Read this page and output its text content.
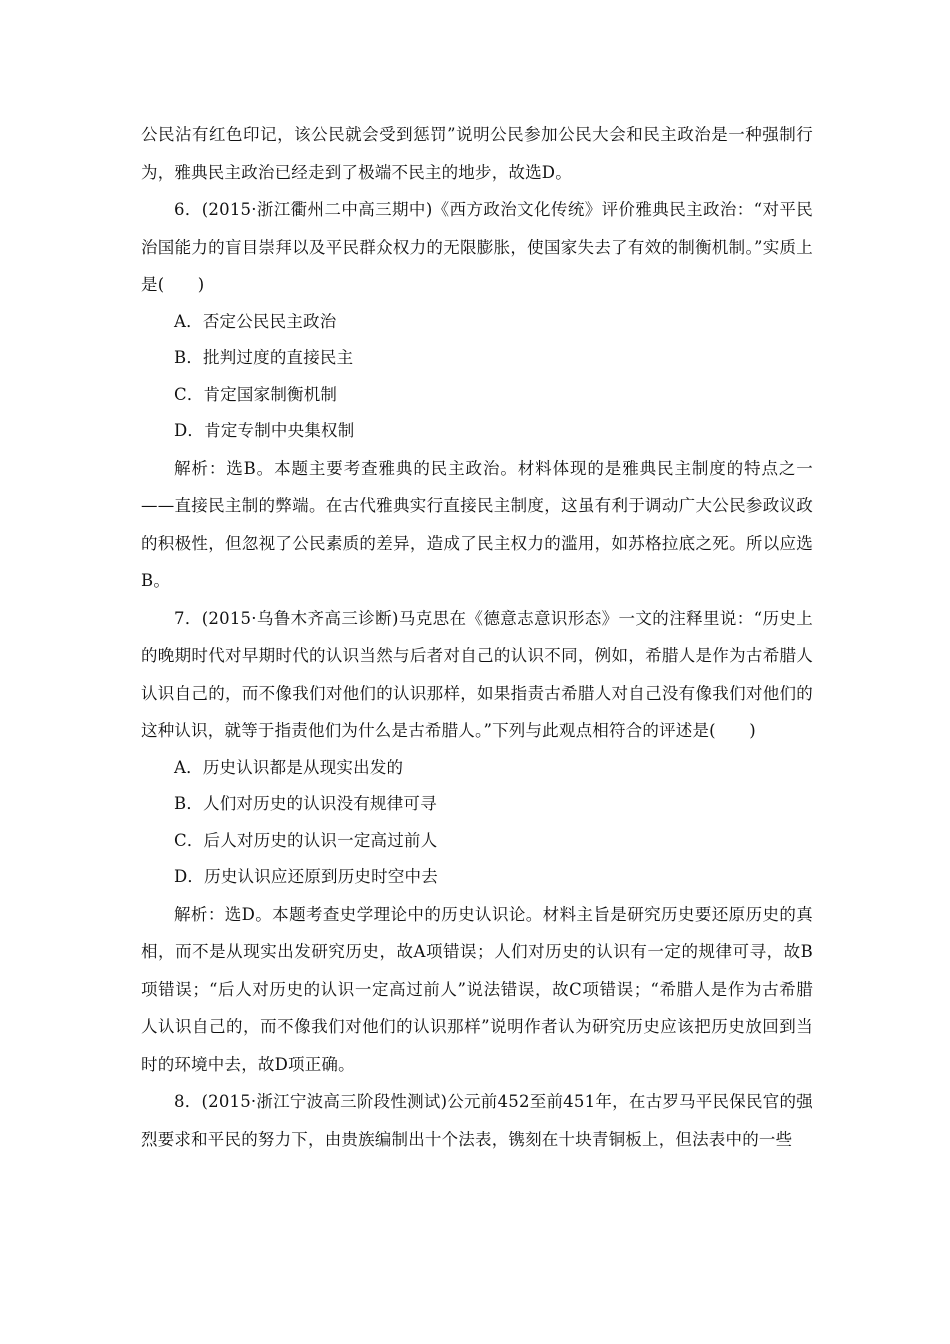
公民沾有红色印记，该公民就会受到惩罚”说明公民参加公民大会和民主政治是一种强制行为，雅典民主政治已经走到了极端不民主的地步，故选D。

6．(2015·浙江衢州二中高三期中)《西方政治文化传统》评价雅典民主政治：“对平民治国能力的盲目崇拜以及平民群众权力的无限膨胀，使国家失去了有效的制衡机制。”实质上是(　　)

A．否定公民民主政治

B．批判过度的直接民主

C．肯定国家制衡机制

D．肯定专制中央集权制

解析：选B。本题主要考查雅典的民主政治。材料体现的是雅典民主制度的特点之一——直接民主制的弊端。在古代雅典实行直接民主制度，这虽有利于调动广大公民参政议政的积极性，但忽视了公民素质的差异，造成了民主权力的滥用，如苏格拉底之死。所以应选B。

7．(2015·乌鲁木齐高三诊断)马克思在《德意志意识形态》一文的注释里说：“历史上的晚期时代对早期时代的认识当然与后者对自己的认识不同，例如，希腊人是作为古希腊人认识自己的，而不像我们对他们的认识那样，如果指责古希腊人对自己没有像我们对他们的这种认识，就等于指责他们为什么是古希腊人。”下列与此观点相符合的评述是(　　)

A．历史认识都是从现实出发的

B．人们对历史的认识没有规律可寻

C．后人对历史的认识一定高过前人

D．历史认识应还原到历史时空中去

解析：选D。本题考查史学理论中的历史认识论。材料主旨是研究历史要还原历史的真相，而不是从现实出发研究历史，故A项错误；人们对历史的认识有一定的规律可寻，故B项错误；“后人对历史的认识一定高过前人”说法错误，故C项错误；“希腊人是作为古希腊人认识自己的，而不像我们对他们的认识那样”说明作者认为研究历史应该把历史放回到当时的环境中去，故D项正确。

8．(2015·浙江宁波高三阶段性测试)公元前452至前451年，在古罗马平民保民官的强烈要求和平民的努力下，由贵族编制出十个法表，镌刻在十块青铜板上，但法表中的一些
